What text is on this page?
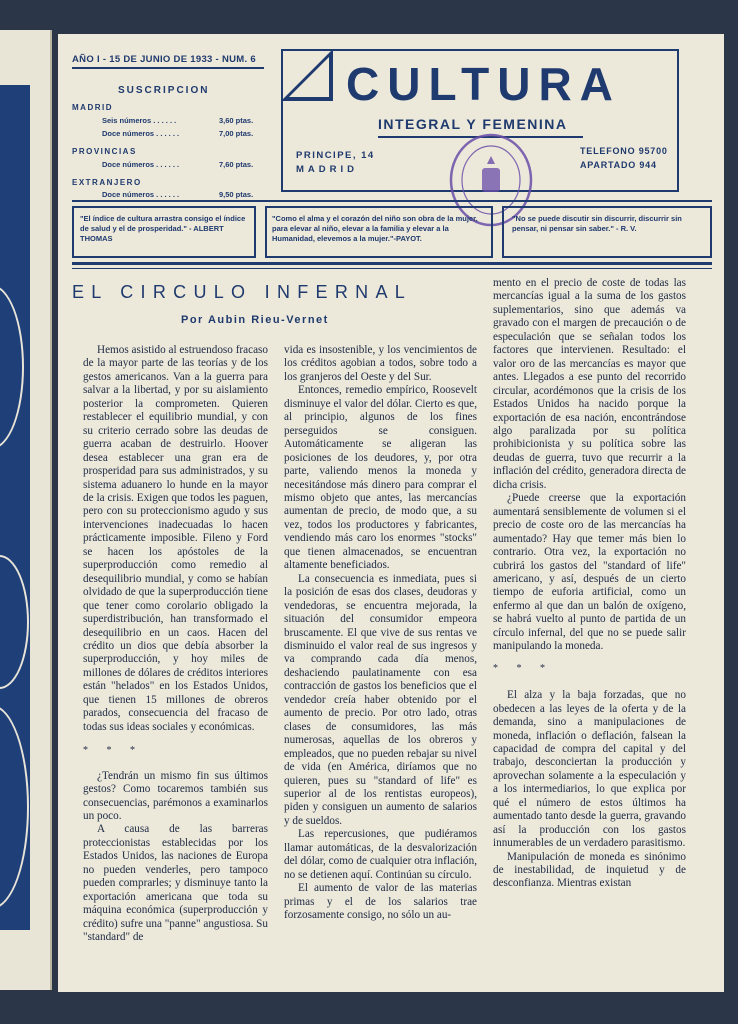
AÑO I - 15 DE JUNIO DE 1933 - NUM. 6
SUSCRIPCION
MADRID
Seis números . . . . . .	3,60 ptas.
Doce números . . . . . .	7,00 ptas.
PROVINCIAS
Doce números . . . . . .	7,60 ptas.
EXTRANJERO
Doce números . . . . . .	9,50 ptas.
CULTURA
INTEGRAL Y FEMENINA
PRINCIPE, 14
MADRID
TELEFONO 95700
APARTADO 944
"El índice de cultura arrastra consigo el índice de salud y el de prosperidad." - ALBERT THOMAS
"Como el alma y el corazón del niño son obra de la mujer, para elevar al niño, elevar a la familia y elevar a la Humanidad, elevemos a la mujer."-PAYOT.
"No se puede discutir sin discurrir, discurrir sin pensar, ni pensar sin saber." - R. V.
EL CIRCULO INFERNAL
Por Aubin Rieu-Vernet

Hemos asistido al estruendoso fracaso de la mayor parte de las teorías y de los gestos americanos. Van a la guerra para salvar a la libertad, y por su aislamiento posterior la comprometen. Quieren restablecer el equilibrio mundial, y con su criterio cerrado sobre las deudas de guerra acaban de destruirlo. Hoover desea establecer una gran era de prosperidad para sus administrados, y su sistema aduanero lo hunde en la mayor de la crisis. Exigen que todos les paguen, pero con su proteccionismo agudo y sus intervenciones inadecuadas lo hacen prácticamente imposible. Fileno y Ford se hacen los apóstoles de la superproducción como remedio al desequilibrio mundial, y como se habían olvidado de que la superproducción tiene que tener como corolario obligado la superdistribución, han transformado el desequilibrio en un caos. Hacen del crédito un dios que debía absorber la superproducción, y hoy miles de millones de dólares de créditos interiores están "helados" en los Estados Unidos, que tienen 15 millones de obreros parados, consecuencia del fracaso de todas sus ideas sociales y económicas.

* * *

¿Tendrán un mismo fin sus últimos gestos? Como tocaremos también sus consecuencias, parémonos a examinarlos un poco.

A causa de las barreras proteccionistas establecidas por los Estados Unidos, las naciones de Europa no pueden venderles, pero tampoco pueden comprarles; y disminuye tanto la exportación americana que toda su máquina económica (superproducción y crédito) sufre una "panne" angustiosa. Su "standard" de

vida es insostenible, y los vencimientos de los créditos agobian a todos, sobre todo a los granjeros del Oeste y del Sur.

Entonces, remedio empírico, Roosevelt disminuye el valor del dólar. Cierto es que, al principio, algunos de los fines perseguidos se consiguen. Automáticamente se aligeran las posiciones de los deudores, y, por otra parte, valiendo menos la moneda y necesitándose más dinero para comprar el mismo objeto que antes, las mercancías aumentan de precio, de modo que, a su vez, todos los productores y fabricantes, vendiendo más caro los enormes "stocks" que tienen almacenados, se encuentran altamente beneficiados.

La consecuencia es inmediata, pues si la posición de esas dos clases, deudoras y vendedoras, se encuentra mejorada, la situación del consumidor empeora bruscamente. El que vive de sus rentas ve disminuido el valor real de sus ingresos y va comprando cada día menos, deshaciendo paulatinamente con esa contracción de gastos los beneficios que el vendedor creía haber obtenido por el aumento de precio. Por otro lado, otras clases de consumidores, las más numerosas, aquellas de los obreros y empleados, que no pueden rebajar su nivel de vida (en América, diríamos que no quieren, pues su "standard of life" es superior al de los rentistas europeos), piden y consiguen un aumento de salarios y de sueldos.

Las repercusiones, que pudiéramos llamar automáticas, de la desvalorización del dólar, como de cualquier otra inflación, no se detienen aquí. Continúan su círculo.

El aumento de valor de las materias primas y el de los salarios trae forzosamente consigo, no sólo un au-

mento en el precio de coste de todas las mercancías igual a la suma de los gastos suplementarios, sino que además va gravado con el margen de precaución o de especulación que se señalan todos los factores que intervienen. Resultado: el valor oro de las mercancías es mayor que antes. Llegados a ese punto del recorrido circular, acordémonos que la crisis de los Estados Unidos ha nacido porque la exportación de esa nación, encontrándose algo paralizada por su política prohibicionista y su política sobre las deudas de guerra, tuvo que recurrir a la inflación del crédito, generadora directa de dicha crisis.

¿Puede creerse que la exportación aumentará sensiblemente de volumen si el precio de coste oro de las mercancías ha aumentado? Hay que temer más bien lo contrario. Otra vez, la exportación no cubrirá los gastos del "standard of life" americano, y así, después de un cierto tiempo de euforia artificial, como un enfermo al que dan un balón de oxígeno, se habrá vuelto al punto de partida de un círculo infernal, del que no se puede salir manipulando la moneda.

* * *

El alza y la baja forzadas, que no obedecen a las leyes de la oferta y de la demanda, sino a manipulaciones de moneda, inflación o deflación, falsean la capacidad de compra del capital y del trabajo, desconciertan la producción y aprovechan solamente a la especulación y a los intermediarios, lo que explica por qué el número de estos últimos ha aumentado tanto desde la guerra, gravando así la producción con los gastos innumerables de un verdadero parasitismo.

Manipulación de moneda es sinónimo de inestabilidad, de inquietud y de desconfianza. Mientras existan
